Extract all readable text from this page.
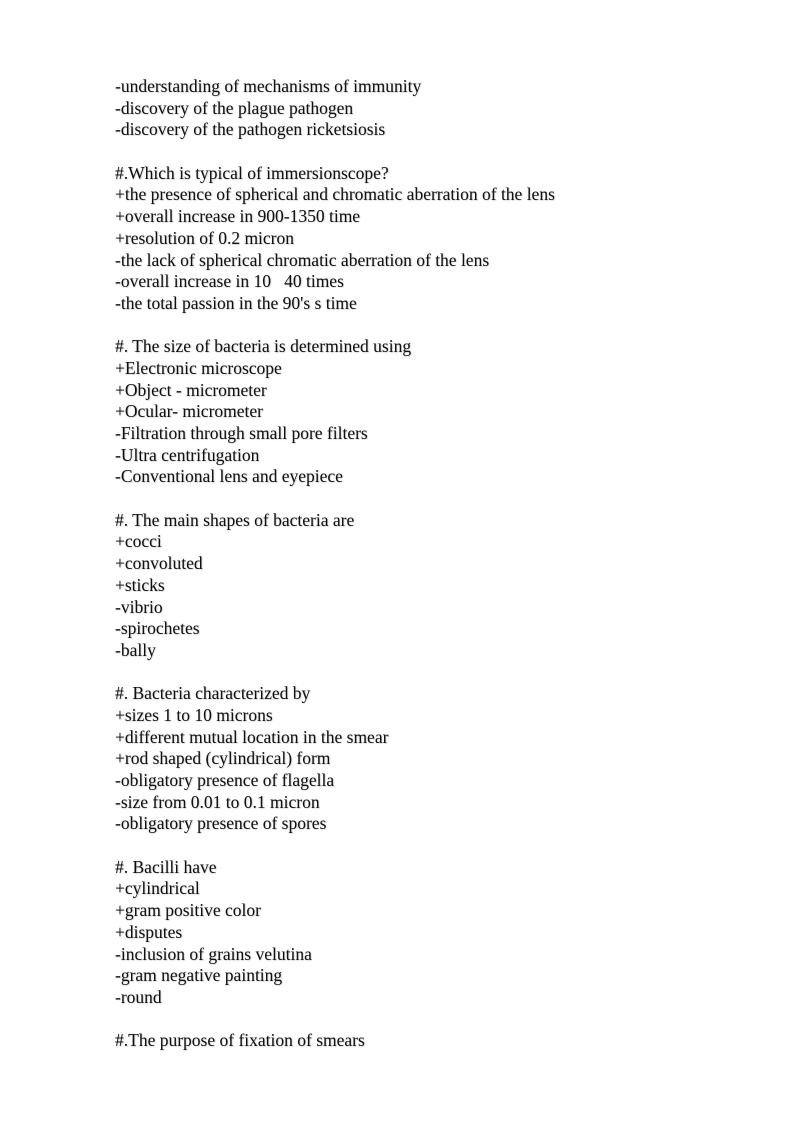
-understanding of mechanisms of immunity
-discovery of the plague pathogen
-discovery of the pathogen ricketsiosis
#.Which is typical of immersionscope?
+the presence of spherical and chromatic aberration of the lens
+overall increase in 900-1350 time
+resolution of 0.2 micron
-the lack of spherical chromatic aberration of the lens
-overall increase in 10   40 times
-the total passion in the 90's s time
#. The size of bacteria is determined using
+Electronic microscope
+Object - micrometer
+Ocular- micrometer
-Filtration through small pore filters
-Ultra centrifugation
-Conventional lens and eyepiece
#. The main shapes of bacteria are
+cocci
+convoluted
+sticks
-vibrio
-spirochetes
-bally
#. Bacteria characterized by
+sizes 1 to 10 microns
+different mutual location in the smear
+rod shaped (cylindrical) form
-obligatory presence of flagella
-size from 0.01 to 0.1 micron
-obligatory presence of spores
#. Bacilli have
+cylindrical
+gram positive color
+disputes
-inclusion of grains velutina
-gram negative painting
-round
#.The purpose of fixation of smears
